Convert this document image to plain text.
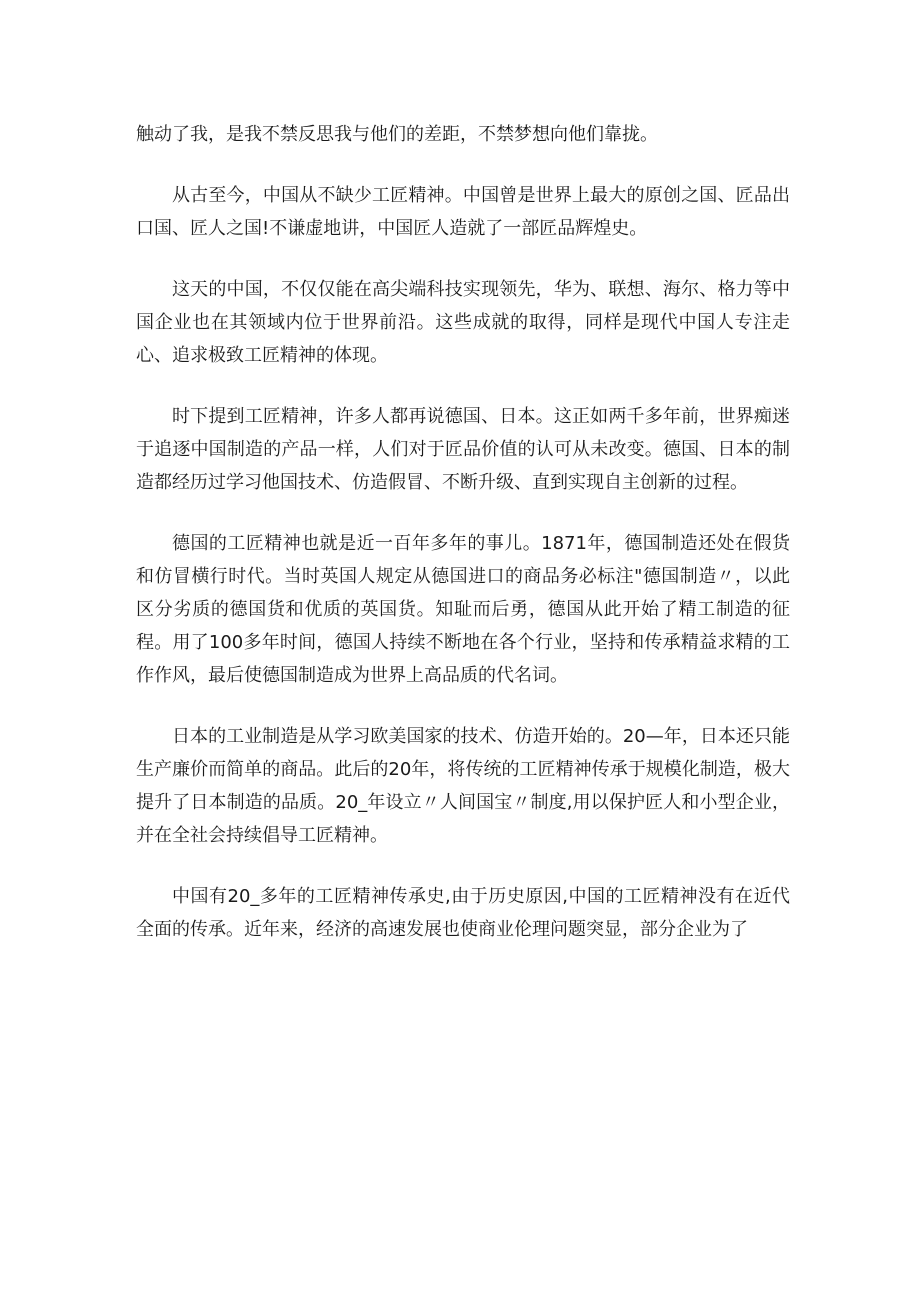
触动了我，是我不禁反思我与他们的差距，不禁梦想向他们靠拢。

从古至今，中国从不缺少工匠精神。中国曾是世界上最大的原创之国、匠品出口国、匠人之国!不谦虚地讲，中国匠人造就了一部匠品辉煌史。

这天的中国，不仅仅能在高尖端科技实现领先，华为、联想、海尔、格力等中国企业也在其领域内位于世界前沿。这些成就的取得，同样是现代中国人专注走心、追求极致工匠精神的体现。

时下提到工匠精神，许多人都再说德国、日本。这正如两千多年前，世界痴迷于追逐中国制造的产品一样，人们对于匠品价值的认可从未改变。德国、日本的制造都经历过学习他国技术、仿造假冒、不断升级、直到实现自主创新的过程。

德国的工匠精神也就是近一百年多年的事儿。1871年，德国制造还处在假货和仿冒横行时代。当时英国人规定从德国进口的商品务必标注"德国制造〃，以此区分劣质的德国货和优质的英国货。知耻而后勇，德国从此开始了精工制造的征程。用了100多年时间，德国人持续不断地在各个行业，坚持和传承精益求精的工作作风，最后使德国制造成为世界上高品质的代名词。

日本的工业制造是从学习欧美国家的技术、仿造开始的。20—年，日本还只能生产廉价而简单的商品。此后的20年，将传统的工匠精神传承于规模化制造，极大提升了日本制造的品质。20_年设立〃人间国宝〃制度,用以保护匠人和小型企业，并在全社会持续倡导工匠精神。

中国有20_多年的工匠精神传承史,由于历史原因,中国的工匠精神没有在近代全面的传承。近年来，经济的高速发展也使商业伦理问题突显，部分企业为了
